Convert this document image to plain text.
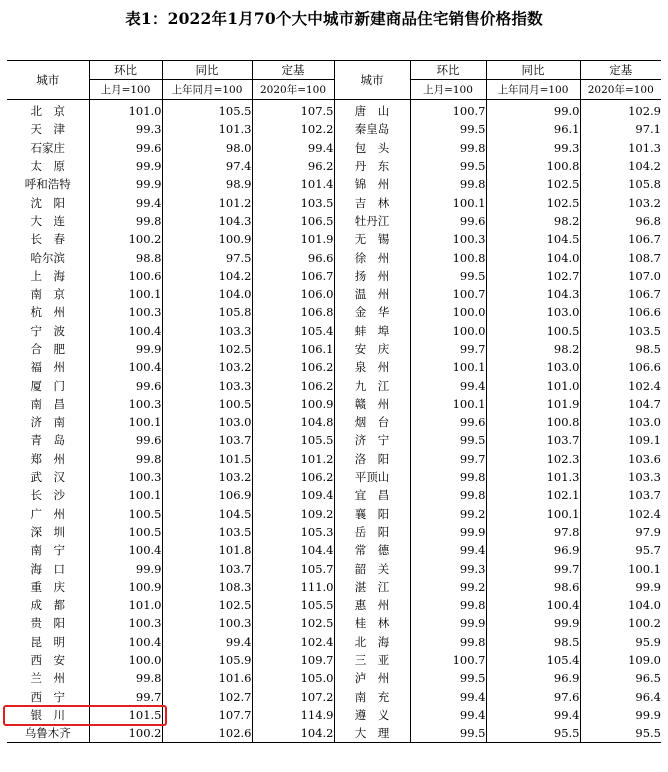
表1：2022年1月70个大中城市新建商品住宅销售价格指数
城市	环比	同比	定基	城市	环比	同比	定基
	上月=100	上年同月=100	2020年=100		上月=100	上年同月=100	2020年=100
北　京	101.0	105.5	107.5	唐　山	100.7	99.0	102.9
天　津	99.3	101.3	102.2	秦皇岛	99.5	96.1	97.1
石家庄	99.6	98.0	99.4	包　头	99.8	99.3	101.3
太　原	99.9	97.4	96.2	丹　东	99.5	100.8	104.2
呼和浩特	99.9	98.9	101.4	锦　州	99.8	102.5	105.8
沈　阳	99.4	101.2	103.5	吉　林	100.1	102.5	103.2
大　连	99.8	104.3	106.5	牡丹江	99.6	98.2	96.8
长　春	100.2	100.9	101.9	无　锡	100.3	104.5	106.7
哈尔滨	98.8	97.5	96.6	徐　州	100.8	104.0	108.7
上　海	100.6	104.2	106.7	扬　州	99.5	102.7	107.0
南　京	100.1	104.0	106.0	温　州	100.7	104.3	106.7
杭　州	100.3	105.8	106.8	金　华	100.0	103.0	106.6
宁　波	100.4	103.3	105.4	蚌　埠	100.0	100.5	103.5
合　肥	99.9	102.5	106.1	安　庆	99.7	98.2	98.5
福　州	100.4	103.2	106.2	泉　州	100.1	103.0	106.6
厦　门	99.6	103.3	106.2	九　江	99.4	101.0	102.4
南　昌	100.3	100.5	100.9	赣　州	100.1	101.9	104.7
济　南	100.1	103.0	104.8	烟　台	99.6	100.8	103.0
青　岛	99.6	103.7	105.5	济　宁	99.5	103.7	109.1
郑　州	99.8	101.5	101.2	洛　阳	99.7	102.3	103.6
武　汉	100.3	103.2	106.2	平顶山	99.8	101.3	103.3
长　沙	100.1	106.9	109.4	宜　昌	99.8	102.1	103.7
广　州	100.5	104.5	109.2	襄　阳	99.2	100.1	102.4
深　圳	100.5	103.5	105.3	岳　阳	99.9	97.8	97.9
南　宁	100.4	101.8	104.4	常　德	99.4	96.9	95.7
海　口	99.9	103.7	105.7	韶　关	99.3	99.7	100.1
重　庆	100.9	108.3	111.0	湛　江	99.2	98.6	99.9
成　都	101.0	102.5	105.5	惠　州	99.8	100.4	104.0
贵　阳	100.3	100.3	102.5	桂　林	99.9	99.9	100.2
昆　明	100.4	99.4	102.4	北　海	99.8	98.5	95.9
西　安	100.0	105.9	109.7	三　亚	100.7	105.4	109.0
兰　州	99.8	101.6	105.0	泸　州	99.5	96.9	96.5
西　宁	99.7	102.7	107.2	南　充	99.4	97.6	96.4
银　川	101.5	107.7	114.9	遵　义	99.4	99.4	99.9
乌鲁木齐	100.2	102.6	104.2	大　理	99.5	95.5	95.5
